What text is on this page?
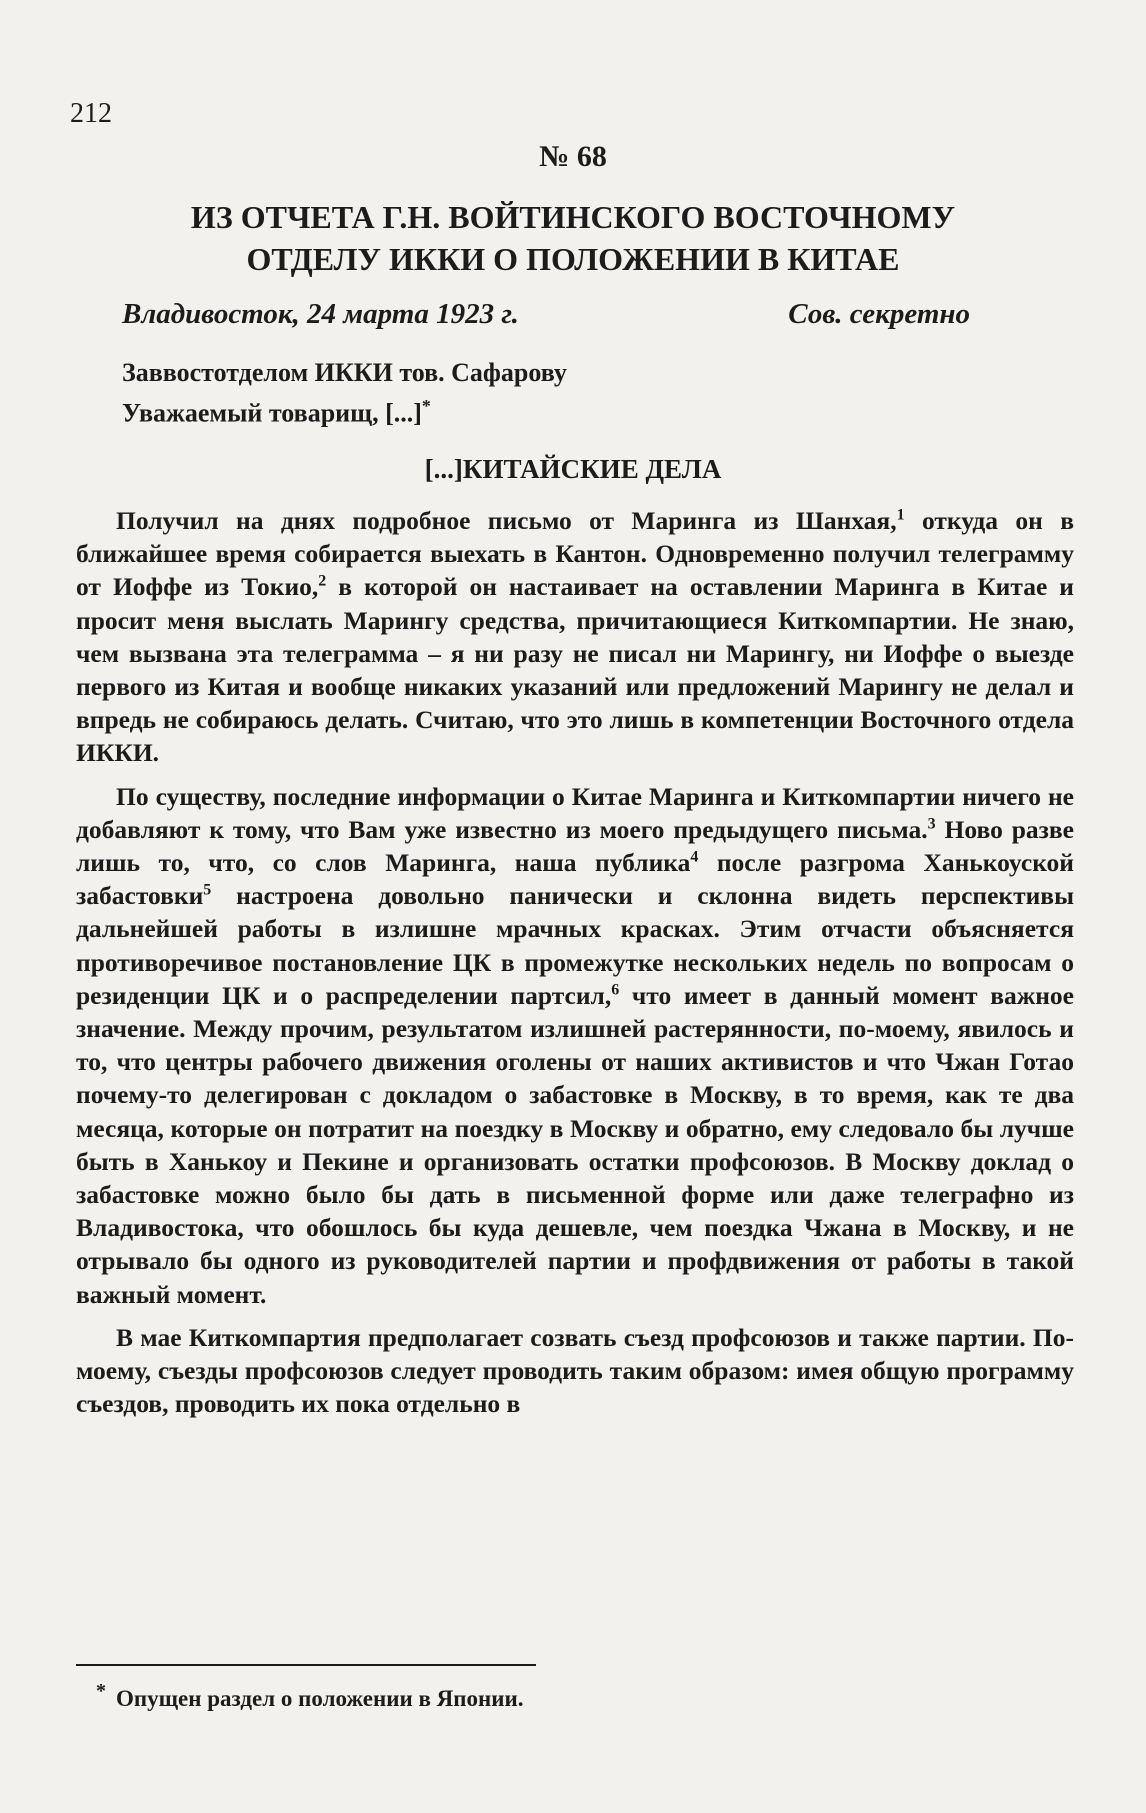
212
№ 68
ИЗ ОТЧЕТА Г.Н. ВОЙТИНСКОГО ВОСТОЧНОМУ
ОТДЕЛУ ИККИ О ПОЛОЖЕНИИ В КИТАЕ
Владивосток, 24 марта 1923 г.	Сов. секретно
Заввостотделом ИККИ тов. Сафарову
Уважаемый товарищ, [...]*
[...]КИТАЙСКИЕ ДЕЛА

Получил на днях подробное письмо от Маринга из Шанхая,$^1$ откуда он в ближайшее время собирается выехать в Кантон. Одновременно получил телеграмму от Иоффе из Токио,$^2$ в которой он настаивает на оставлении Маринга в Китае и просит меня выслать Марингу средства, причитающиеся Киткомпартии. Не знаю, чем вызвана эта телеграмма – я ни разу не писал ни Марингу, ни Иоффе о выезде первого из Китая и вообще никаких указаний или предложений Марингу не делал и впредь не собираюсь делать. Считаю, что это лишь в компетенции Восточного отдела ИККИ.

По существу, последние информации о Китае Маринга и Киткомпартии ничего не добавляют к тому, что Вам уже известно из моего предыдущего письма.$^3$ Ново разве лишь то, что, со слов Маринга, наша публика$^4$ после разгрома Ханькоуской забастовки$^5$ настроена довольно панически и склонна видеть перспективы дальнейшей работы в излишне мрачных красках. Этим отчасти объясняется противоречивое постановление ЦК в промежутке нескольких недель по вопросам о резиденции ЦК и о распределении партсил,$^6$ что имеет в данный момент важное значение. Между прочим, результатом излишней растерянности, по-моему, явилось и то, что центры рабочего движения оголены от наших активистов и что Чжан Готао почему-то делегирован с докладом о забастовке в Москву, в то время, как те два месяца, которые он потратит на поездку в Москву и обратно, ему следовало бы лучше быть в Ханькоу и Пекине и организовать остатки профсоюзов. В Москву доклад о забастовке можно было бы дать в письменной форме или даже телеграфно из Владивостока, что обошлось бы куда дешевле, чем поездка Чжана в Москву, и не отрывало бы одного из руководителей партии и профдвижения от работы в такой важный момент.

В мае Киткомпартия предполагает созвать съезд профсоюзов и также партии. По-моему, съезды профсоюзов следует проводить таким образом: имея общую программу съездов, проводить их пока отдельно в

* Опущен раздел о положении в Японии.
